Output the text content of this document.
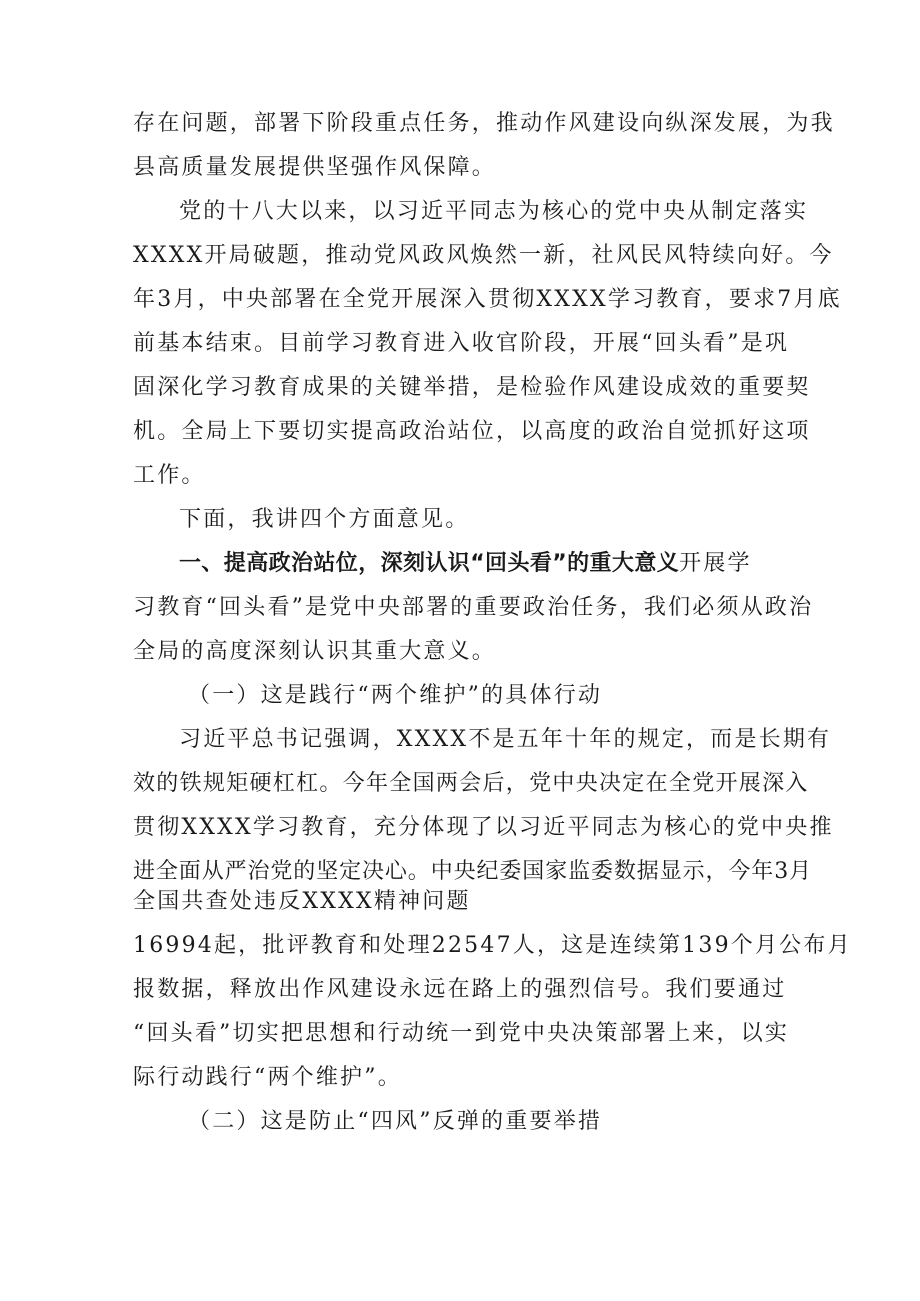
存在问题，部署下阶段重点任务，推动作风建设向纵深发展，为我
县高质量发展提供坚强作风保障。
党的十八大以来，以习近平同志为核心的党中央从制定落实
XXXX开局破题，推动党风政风焕然一新，社风民风特续向好。今
年3月，中央部署在全党开展深入贯彻XXXX学习教育，要求7月底
前基本结束。目前学习教育进入收官阶段，开展“回头看”是巩
固深化学习教育成果的关键举措，是检验作风建设成效的重要契
机。全局上下要切实提高政治站位，以高度的政治自觉抓好这项
工作。
下面，我讲四个方面意见。
一、提高政治站位，深刻认识“回头看”的重大意义开展学
习教育“回头看”是党中央部署的重要政治任务，我们必须从政治
全局的高度深刻认识其重大意义。
（一）这是践行“两个维护”的具体行动
习近平总书记强调，XXXX不是五年十年的规定，而是长期有
效的铁规矩硬杠杠。今年全国两会后，党中央决定在全党开展深入
贯彻XXXX学习教育，充分体现了以习近平同志为核心的党中央推
进全面从严治党的坚定决心。中央纪委国家监委数据显示，今年3月
全国共查处违反XXXX精神问题
16994起，批评教育和处理22547人，这是连续第139个月公布月
报数据，释放出作风建设永远在路上的强烈信号。我们要通过
“回头看”切实把思想和行动统一到党中央决策部署上来，以实
际行动践行“两个维护”。
（二）这是防止“四风”反弹的重要举措
